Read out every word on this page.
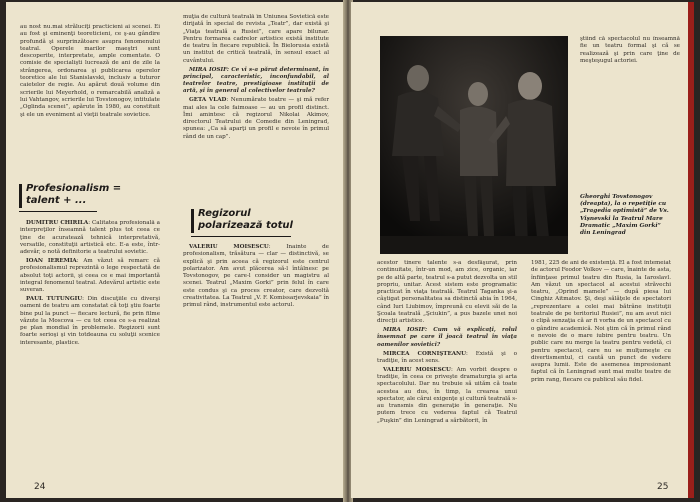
au nost nu.mai străluciţi practicieni ai scenei. Ei au fost şi eminenţi teoreticieni, ce ş-au gândire profundă şi surprinzătoare asupra fenomenului teatral. Operele marilor maeştri sunt descoperite, interpretate, ample comentate. O comisie de specialişti lucrează de ani de zile la strângerea, ordonarea şi publicarea operelor teoretice ale lui Stanislavski, inclusiv a tuturor caietelor de regie. Au apărut două volume din scrierile lui Meyerhold, o remarcabilă analiză a lui Vahtangov, scrierile lui Tovstonogov, intitulate „Oglinda scenei”, apărute în 1980, au constituit şi ele un eveniment al vieţii teatrale sovietice.

Profesionalism = talent + ...

DUMITRU CHIRILĂ: Calitatea profesională a interpreţilor înseamnă talent plus tot ceea ce ţine de acuratează tehnică interpretativă, versatile, constituţii artistică etc. E-a este, într-adevăr, o notă definitorie a teatrului sovietic.

IOAN IEREMIA: Am văzut să remarc că profesionalismul reprezintă o lege respectată de absolut toţi actorii, şi ceea ce e mai importantă integral fenomenul teatral. Adevărul artistic este suveran.

PAUL TUTUNGIU: Din discuţiile cu diverşi oameni de teatru am constatat că toţi ştiu foarte bine pul la punct — fiecare lectură, fie prin filme văzute la Moscova — cu tot ceea ce s-a realizat pe plan mondial în problemele. Regizorii sunt foarte serioşi şi vin totdeauna cu soluţii scenice interesante, plastice.

muţia de cultură teatrală în Uniunea Sovietică este dirijată în special de revista „Teatr”, dar există şi „Viaţa teatrală a Rusiei”, care apare bilunar. Pentru formarea cadrelor artistice există institute de teatru în fiecare republică. În Bielorusia există un institut de critică teatrală, în sensul exact al cuvântului.

MIRA IOSIF: Ce vi s-a părut determinant, în principal, caracteristic, inconfundabil, al teatrelor teatre, prestigioase instituţii de artă, şi în general al colectivelor teatrale?

GETA VLAD: Nenumărate teatre — şi mă refer mai ales la cele faimoase — au un profil distinct. Îmi amintesc că regizorul Nikolai Akimov, directorul Teatrului de Comedie din Leningrad, spunea: „Ca să aparţi un profil e nevoie în primul rând de un cap”.

Regizorul polarizează totul

VALERIU MOISESCU: Înainte de profesionalism, trăsătura — clar — distinctivă, se explică şi prin aceea că regizorul este centrul polarizator. Am avut plăcerea să-l întâlnesc pe Tovstonogov, pe care-l consider un magistru al scenei. Teatrul „Maxim Gorki” prin felul în care este condus şi ca proces creator, care dezvoltă creativitatea. La Teatrul „V. F. Komissarjevskaia” în primul rând, instrumentul este actorul.

24

ştiind că spectacolul nu înseamnă fie un teatru formal şi că se realizează şi prin care ţine de meşteşugul actoriei.

Gheorghi Tovstonogov (dreapta), la o repetiţie cu „Tragedia optimistă” de Vs. Vişnevski la Teatrul Mare Dramatic „Maxim Gorki” din Leningrad

acestor tinere talente s-a desfăşurat, prin continuitate, într-un mod, am zice, organic, iar pe de altă parte, teatrul s-a putut dezvolta un stil propriu, unitar. Acest sistem este programatic practicat în viaţa teatrală. Teatrul Taganka şi-a câştigat personalitatea sa distinctă abia în 1964, când Iuri Liubimov, împreună cu elevii săi de la Şcoala teatrală „Şciukin”, a pus bazele unei noi direcţii artistice.

MIRA IOSIF: Cum vă explicaţi, rolul însemnat pe care îl joacă teatrul în viaţa oamenilor sovietici?

MIRCEA CORNIŞTEANU: Există şi o tradiţie, în acest sens.

VALERIU MOISESCU: Am vorbit despre o tradiţie, în ceea ce priveşte dramaturgia şi arta spectacolului. Dar nu trebuie să uităm că toate acestea au dus, în timp, la crearea unui spectator, ale cărui exigenţe şi cultură teatrală s-au transmis din generaţie în generaţie. Nu putem trece cu vederea faptul că Teatrul „Puşkin” din Leningrad a sărbătorit, în

1981, 225 de ani de existenţă. El a fost întemeiat de actorul Feodor Volkov — care, înainte de asta, înfiinţase primul teatru din Rusia, la Iaroslavl. Am văzut un spectacol al acestui străvechi teatru, „Oprind mamele” — după piesa lui Cinghiz Aitmatov. Şi, deşi sălăţele de spectatori „reprezentare a celei mai bătrâne instituţii teatrale de pe teritoriul Rusiei”, nu am avut nici o clipă senzaţia că ar fi vorba de un spectacol cu o gândire academică. Noi ştim că în primul rând e nevoie de o mare iubire pentru teatru. Un public care nu merge la teatru pentru vedetă, ci pentru spectacol, care nu se mulţumeşte cu divertismentul, ci caută un punct de vedere asupra lumii. Este de asemenea impresionant faptul că în Leningrad sunt mai multe teatre de prim rang, fiecare cu publicul său fidel.

25
